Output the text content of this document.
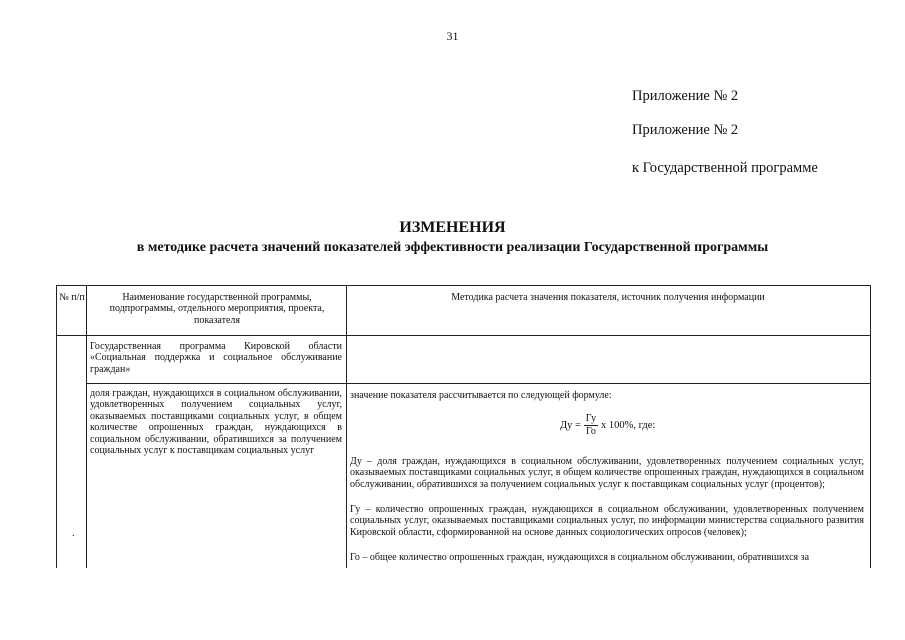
31
Приложение № 2
Приложение № 2
к Государственной программе
ИЗМЕНЕНИЯ
в методике расчета значений показателей эффективности реализации Государственной программы
№ п/п	Наименование государственной программы, подпрограммы, отдельного мероприятия, проекта, показателя
Методика расчета значения показателя, источник получения информации
Государственная программа Кировской области «Социальная поддержка и социальное обслуживание граждан»
.
доля граждан, нуждающихся в социальном обслуживании, удовлетворенных получением социальных услуг, оказываемых поставщиками социальных услуг, в общем количестве опрошенных граждан, нуждающихся в социальном обслуживании, обратившихся за получением социальных услуг к поставщикам социальных услуг
значение показателя рассчитывается по следующей формуле:
Ду = $\frac{Гу}{Го}$ х 100%, где:
Ду – доля граждан, нуждающихся в социальном обслуживании, удовлетворенных получением социальных услуг, оказываемых поставщиками социальных услуг, в общем количестве опрошенных граждан, нуждающихся в социальном обслуживании, обратившихся за получением социальных услуг к поставщикам социальных услуг (процентов);
Гу – количество опрошенных граждан, нуждающихся в социальном обслуживании, удовлетворенных получением социальных услуг, оказываемых поставщиками социальных услуг, по информации министерства социального развития Кировской области, сформированной на основе данных социологических опросов (человек);
Го – общее количество опрошенных граждан, нуждающихся в социальном обслуживании, обратившихся за
